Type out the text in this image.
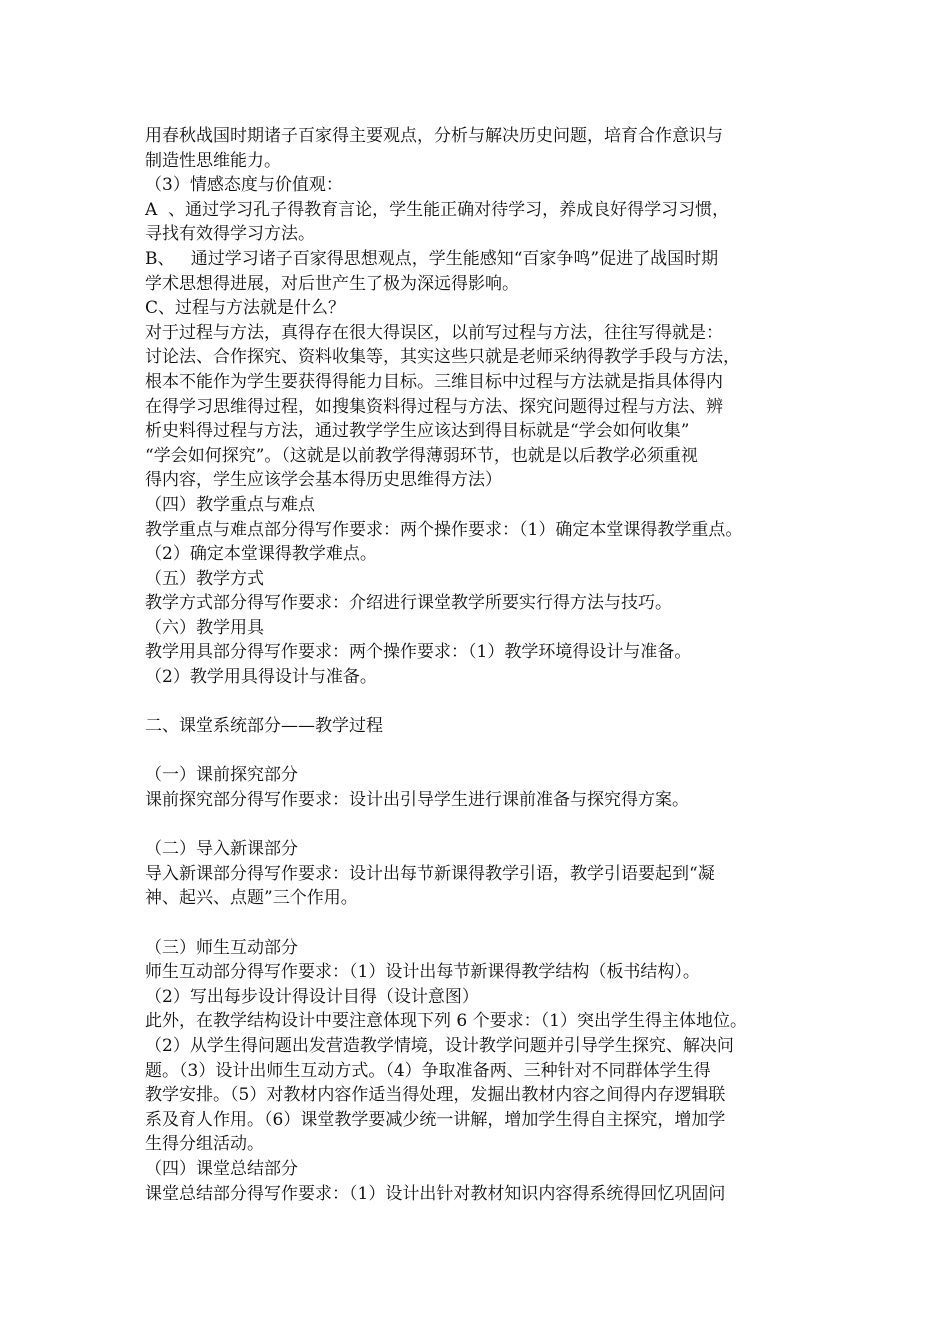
用春秋战国时期诸子百家得主要观点，分析与解决历史问题，培育合作意识与
制造性思维能力。
（3）情感态度与价值观：
A  、通过学习孔子得教育言论，学生能正确对待学习，养成良好得学习习惯，
寻找有效得学习方法。
B、   通过学习诸子百家得思想观点，学生能感知“百家争鸣”促进了战国时期
学术思想得进展，对后世产生了极为深远得影响。
C、过程与方法就是什么？
对于过程与方法，真得存在很大得误区，以前写过程与方法，往往写得就是：
讨论法、合作探究、资料收集等，其实这些只就是老师采纳得教学手段与方法，
根本不能作为学生要获得得能力目标。三维目标中过程与方法就是指具体得内
在得学习思维得过程，如搜集资料得过程与方法、探究问题得过程与方法、辨
析史料得过程与方法，通过教学学生应该达到得目标就是“学会如何收集”
“学会如何探究”。（这就是以前教学得薄弱环节，也就是以后教学必须重视
得内容，学生应该学会基本得历史思维得方法）
（四）教学重点与难点
教学重点与难点部分得写作要求：两个操作要求：（1）确定本堂课得教学重点。
（2）确定本堂课得教学难点。
（五）教学方式
教学方式部分得写作要求：介绍进行课堂教学所要实行得方法与技巧。
（六）教学用具
教学用具部分得写作要求：两个操作要求：（1）教学环境得设计与准备。
（2）教学用具得设计与准备。
二、课堂系统部分——教学过程
（一）课前探究部分
课前探究部分得写作要求：设计出引导学生进行课前准备与探究得方案。
（二）导入新课部分
导入新课部分得写作要求：设计出每节新课得教学引语，教学引语要起到“凝
神、起兴、点题”三个作用。
（三）师生互动部分
师生互动部分得写作要求：（1）设计出每节新课得教学结构（板书结构）。
（2）写出每步设计得设计目得（设计意图）
此外，在教学结构设计中要注意体现下列 6 个要求：（1）突出学生得主体地位。
（2）从学生得问题出发营造教学情境，设计教学问题并引导学生探究、解决问
题。（3）设计出师生互动方式。（4）争取准备两、三种针对不同群体学生得
教学安排。（5）对教材内容作适当得处理，发掘出教材内容之间得内存逻辑联
系及育人作用。（6）课堂教学要减少统一讲解，增加学生得自主探究，增加学
生得分组活动。
（四）课堂总结部分
课堂总结部分得写作要求：（1）设计出针对教材知识内容得系统得回忆巩固问
